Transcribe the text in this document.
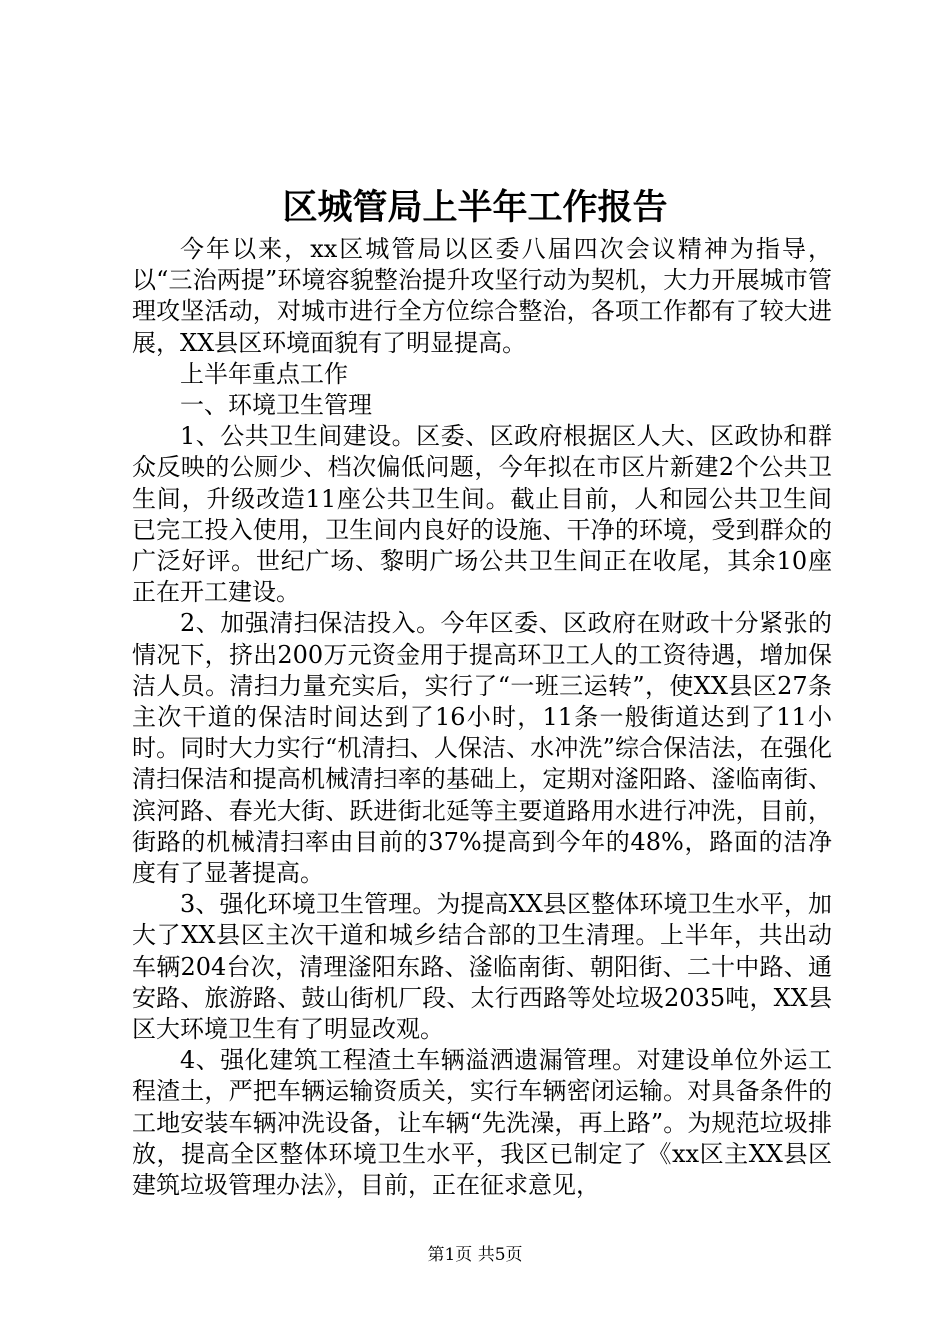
区城管局上半年工作报告

今年以来，xx区城管局以区委八届四次会议精神为指导，以“三治两提”环境容貌整治提升攻坚行动为契机，大力开展城市管理攻坚活动，对城市进行全方位综合整治，各项工作都有了较大进展，XX县区环境面貌有了明显提高。

上半年重点工作

一、环境卫生管理

1、公共卫生间建设。区委、区政府根据区人大、区政协和群众反映的公厕少、档次偏低问题，今年拟在市区片新建2个公共卫生间，升级改造11座公共卫生间。截止目前，人和园公共卫生间已完工投入使用，卫生间内良好的设施、干净的环境，受到群众的广泛好评。世纪广场、黎明广场公共卫生间正在收尾，其余10座正在开工建设。

2、加强清扫保洁投入。今年区委、区政府在财政十分紧张的情况下，挤出200万元资金用于提高环卫工人的工资待遇，增加保洁人员。清扫力量充实后，实行了“一班三运转”，使XX县区27条主次干道的保洁时间达到了16小时，11条一般街道达到了11小时。同时大力实行“机清扫、人保洁、水冲洗”综合保洁法，在强化清扫保洁和提高机械清扫率的基础上，定期对滏阳路、滏临南街、滨河路、春光大街、跃进街北延等主要道路用水进行冲洗，目前，街路的机械清扫率由目前的37%提高到今年的48%，路面的洁净度有了显著提高。

3、强化环境卫生管理。为提高XX县区整体环境卫生水平，加大了XX县区主次干道和城乡结合部的卫生清理。上半年，共出动车辆204台次，清理滏阳东路、滏临南街、朝阳街、二十中路、通安路、旅游路、鼓山街机厂段、太行西路等处垃圾2035吨，XX县区大环境卫生有了明显改观。

4、强化建筑工程渣土车辆溢洒遗漏管理。对建设单位外运工程渣土，严把车辆运输资质关，实行车辆密闭运输。对具备条件的工地安装车辆冲洗设备，让车辆“先洗澡，再上路”。为规范垃圾排放，提高全区整体环境卫生水平，我区已制定了《xx区主XX县区建筑垃圾管理办法》，目前，正在征求意见，

第1页 共5页
